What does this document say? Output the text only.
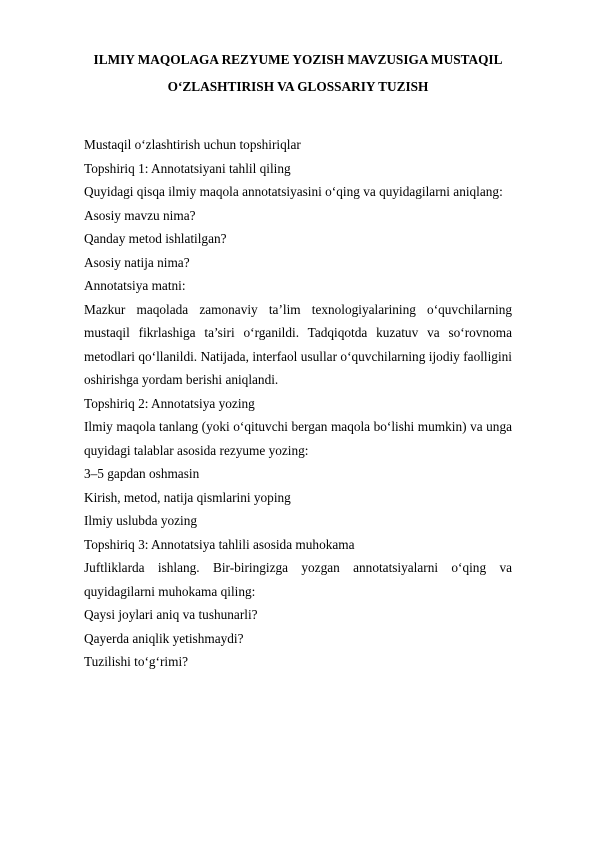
ILMIY MAQOLAGA REZYUME YOZISH MAVZUSIGA MUSTAQIL
O‘ZLASHTIRISH VA GLOSSARIY TUZISH

Mustaqil o‘zlashtirish uchun topshiriqlar

Topshiriq 1: Annotatsiyani tahlil qiling

Quyidagi qisqa ilmiy maqola annotatsiyasini o‘qing va quyidagilarni aniqlang:

Asosiy mavzu nima?

Qanday metod ishlatilgan?

Asosiy natija nima?

Annotatsiya matni:

Mazkur maqolada zamonaviy ta’lim texnologiyalarining o‘quvchilarning mustaqil fikrlashiga ta’siri o‘rganildi. Tadqiqotda kuzatuv va so‘rovnoma metodlari qo‘llanildi. Natijada, interfaol usullar o‘quvchilarning ijodiy faolligini oshirishga yordam berishi aniqlandi.

Topshiriq 2: Annotatsiya yozing

Ilmiy maqola tanlang (yoki o‘qituvchi bergan maqola bo‘lishi mumkin) va unga quyidagi talablar asosida rezyume yozing:

3–5 gapdan oshmasin

Kirish, metod, natija qismlarini yoping

Ilmiy uslubda yozing

Topshiriq 3: Annotatsiya tahlili asosida muhokama

Juftliklarda ishlang. Bir-biringizga yozgan annotatsiyalarni o‘qing va quyidagilarni muhokama qiling:

Qaysi joylari aniq va tushunarli?

Qayerda aniqlik yetishmaydi?

Tuzilishi to‘g‘rimi?
